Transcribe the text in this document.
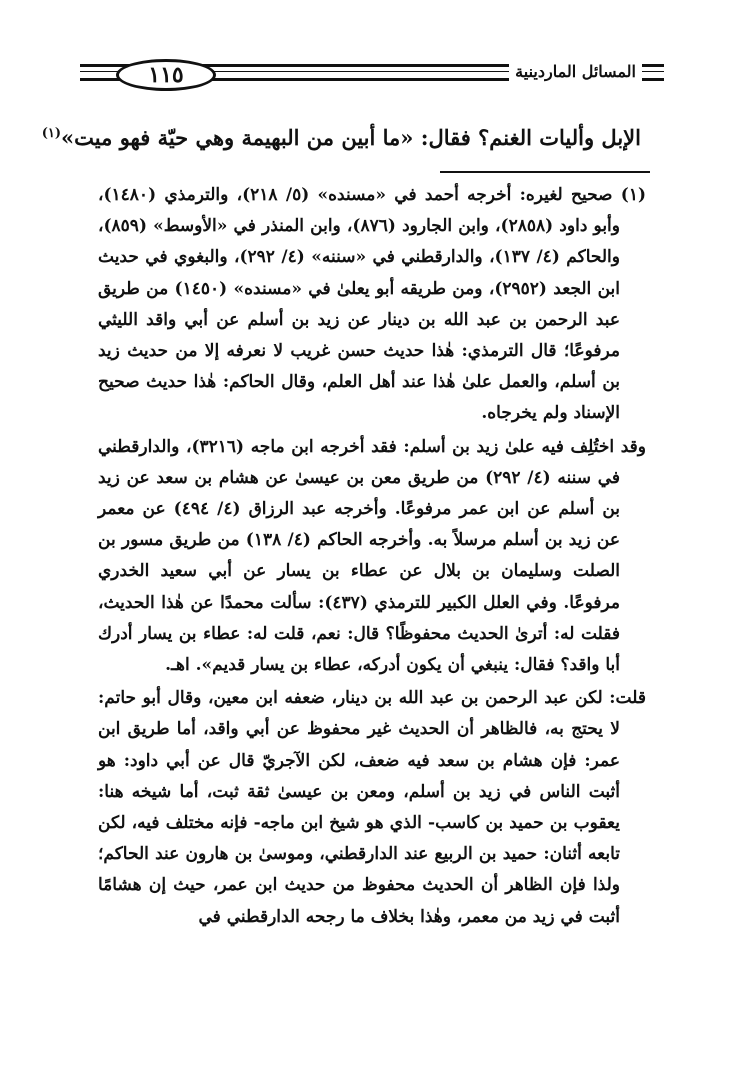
المسائل الماردينية
١١٥
الإبل وأليات الغنم؟ فقال: «ما أبين من البهيمة وهي حيّة فهو ميت»$^{(١)}$

(١) صحيح لغيره: أخرجه أحمد في «مسنده» (٥/ ٢١٨)، والترمذي (١٤٨٠)، وأبو داود (٢٨٥٨)، وابن الجارود (٨٧٦)، وابن المنذر في «الأوسط» (٨٥٩)، والحاكم (٤/ ١٣٧)، والدارقطني في «سننه» (٤/ ٢٩٢)، والبغوي في حديث ابن الجعد (٢٩٥٢)، ومن طريقه أبو يعلىٰ في «مسنده» (١٤٥٠) من طريق عبد الرحمن بن عبد الله بن دينار عن زيد بن أسلم عن أبي واقد الليثي مرفوعًا؛ قال الترمذي: هٰذا حديث حسن غريب لا نعرفه إلا من حديث زيد بن أسلم، والعمل علىٰ هٰذا عند أهل العلم، وقال الحاكم: هٰذا حديث صحيح الإسناد ولم يخرجاه.

وقد اختُلِف فيه علىٰ زيد بن أسلم: فقد أخرجه ابن ماجه (٣٢١٦)، والدارقطني في سننه (٤/ ٢٩٢) من طريق معن بن عيسىٰ عن هشام بن سعد عن زيد بن أسلم عن ابن عمر مرفوعًا. وأخرجه عبد الرزاق (٤/ ٤٩٤) عن معمر عن زيد بن أسلم مرسلاً به. وأخرجه الحاكم (٤/ ١٣٨) من طريق مسور بن الصلت وسليمان بن بلال عن عطاء بن يسار عن أبي سعيد الخدري مرفوعًا. وفي العلل الكبير للترمذي (٤٣٧): سألت محمدًا عن هٰذا الحديث، فقلت له: أترىٰ الحديث محفوظًا؟ قال: نعم، قلت له: عطاء بن يسار أدرك أبا واقد؟ فقال: ينبغي أن يكون أدركه، عطاء بن يسار قديم». اهـ.

قلت: لكن عبد الرحمن بن عبد الله بن دينار، ضعفه ابن معين، وقال أبو حاتم: لا يحتج به، فالظاهر أن الحديث غير محفوظ عن أبي واقد، أما طريق ابن عمر: فإن هشام بن سعد فيه ضعف، لكن الآجريّ قال عن أبي داود: هو أثبت الناس في زيد بن أسلم، ومعن بن عيسىٰ ثقة ثبت، أما شيخه هنا: يعقوب بن حميد بن كاسب- الذي هو شيخ ابن ماجه- فإنه مختلف فيه، لكن تابعه أثنان: حميد بن الربيع عند الدارقطني، وموسىٰ بن هارون عند الحاكم؛ ولذا فإن الظاهر أن الحديث محفوظ من حديث ابن عمر، حيث إن هشامًا أثبت في زيد من معمر، وهٰذا بخلاف ما رجحه الدارقطني في
